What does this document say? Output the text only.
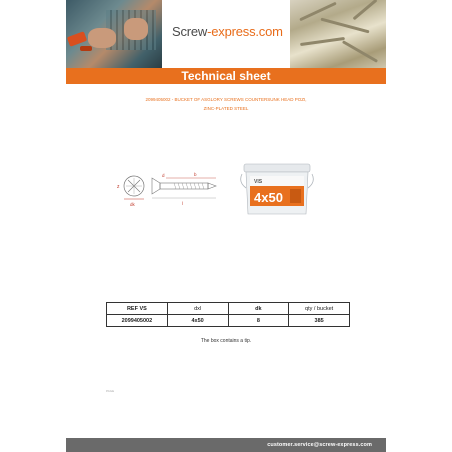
Screw-express.com
Technical sheet
2099405002 - BUCKET OF ASGLORY SCREWS COUNTERSUNK HEAD POZI,
ZINC-PLATED STEEL
z
dk
d	b
l
VIS
4x50
REF VS	dxl	dk	qty / bucket
2099405002	4x50	8	385
The box contains a tip.
PAGE
customer.service@screw-express.com
